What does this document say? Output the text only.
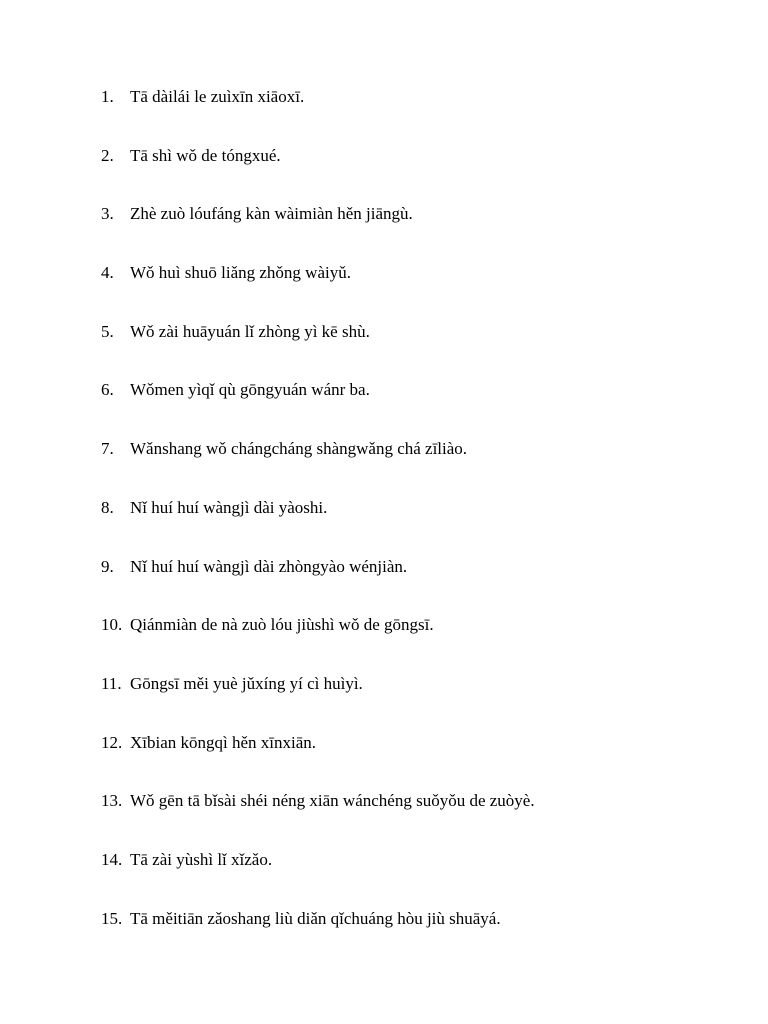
1. Tā dàilái le zuìxīn xiāoxī.
2. Tā shì wǒ de tóngxué.
3. Zhè zuò lóufáng kàn wàimiàn hěn jiāngù.
4. Wǒ huì shuō liǎng zhǒng wàiyǔ.
5. Wǒ zài huāyuán lǐ zhòng yì kē shù.
6. Wǒmen yìqǐ qù gōngyuán wánr ba.
7. Wǎnshang wǒ chángcháng shàngwǎng chá zīliào.
8. Nǐ huí huí wàngjì dài yàoshi.
9. Nǐ huí huí wàngjì dài zhòngyào wénjiàn.
10. Qiánmiàn de nà zuò lóu jiùshì wǒ de gōngsī.
11. Gōngsī měi yuè jǔxíng yí cì huìyì.
12. Xībian kōngqì hěn xīnxiān.
13. Wǒ gēn tā bǐsài shéi néng xiān wánchéng suǒyǒu de zuòyè.
14. Tā zài yùshì lǐ xǐzǎo.
15. Tā měitiān zǎoshang liù diǎn qǐchuáng hòu jiù shuāyá.
